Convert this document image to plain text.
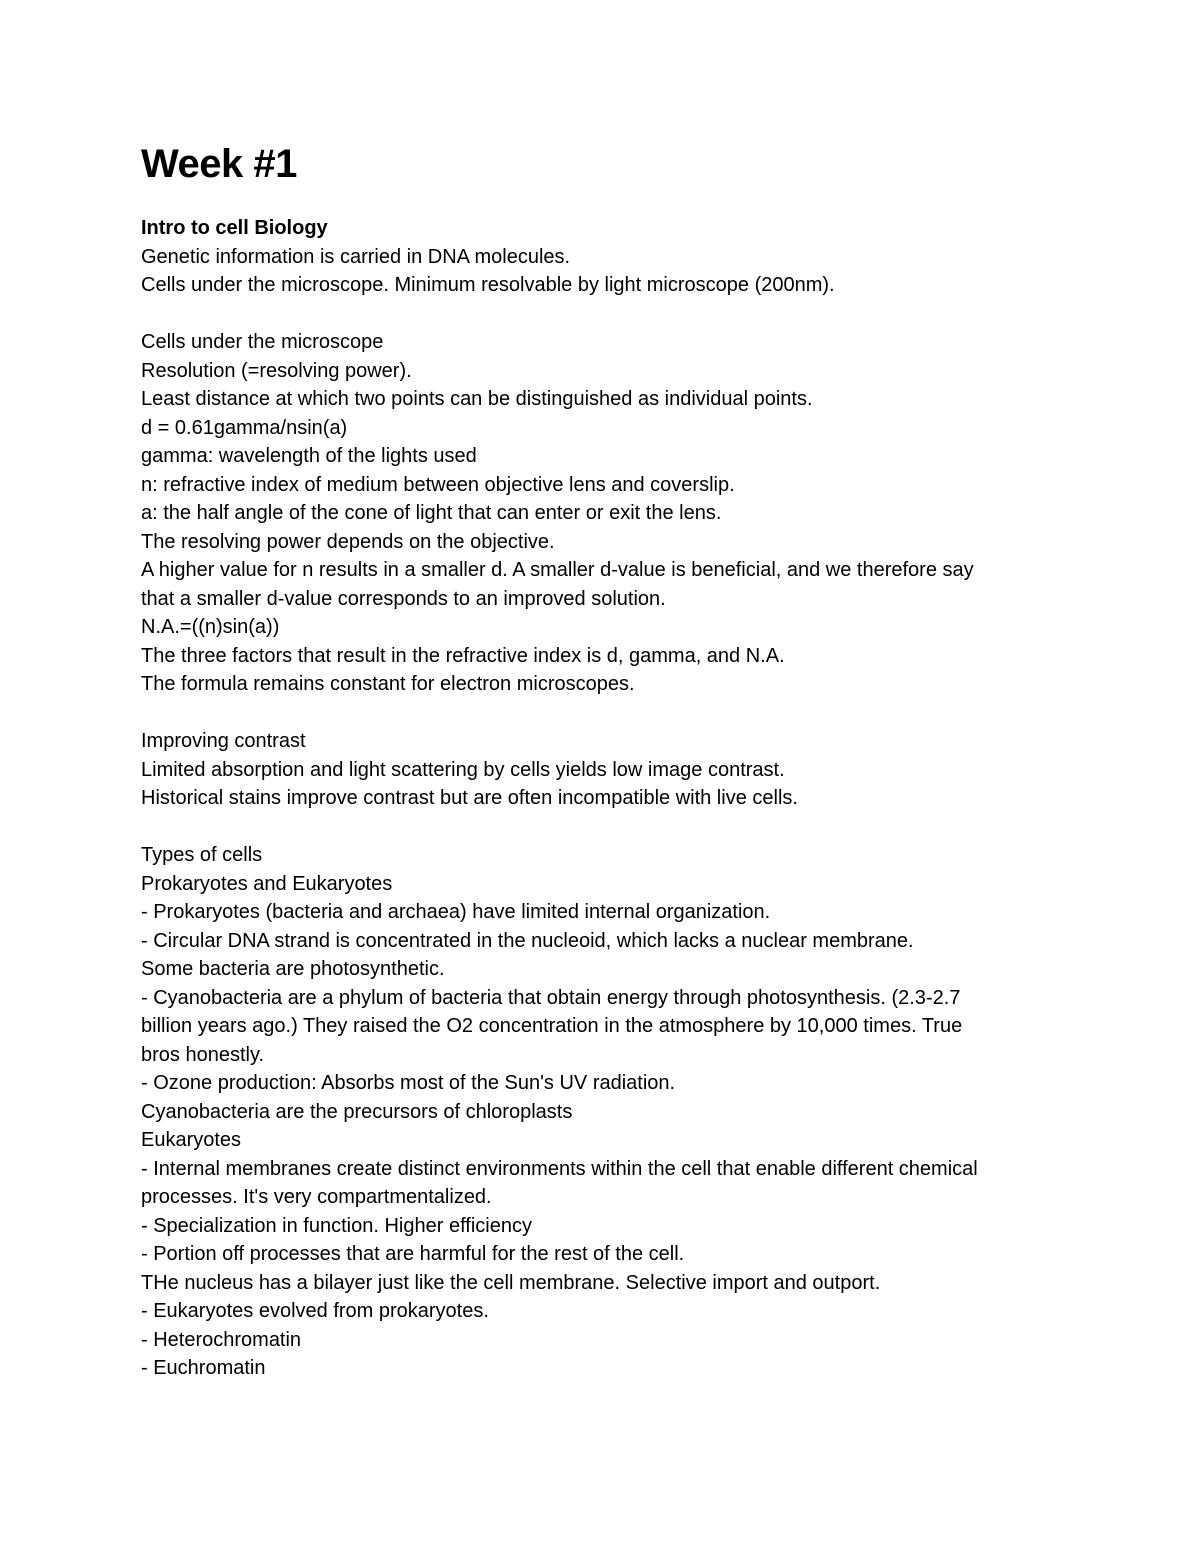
Week #1

Intro to cell Biology

Genetic information is carried in DNA molecules.

Cells under the microscope. Minimum resolvable by light microscope (200nm).

Cells under the microscope

Resolution (=resolving power).

Least distance at which two points can be distinguished as individual points.

d = 0.61gamma/nsin(a)

gamma: wavelength of the lights used

n: refractive index of medium between objective lens and coverslip.

a: the half angle of the cone of light that can enter or exit the lens.

The resolving power depends on the objective.

A higher value for n results in a smaller d. A smaller d-value is beneficial, and we therefore say

that a smaller d-value corresponds to an improved solution.

N.A.=((n)sin(a))

The three factors that result in the refractive index is d, gamma, and N.A.

The formula remains constant for electron microscopes.

Improving contrast

Limited absorption and light scattering by cells yields low image contrast.

Historical stains improve contrast but are often incompatible with live cells.

Types of cells

Prokaryotes and Eukaryotes

- Prokaryotes (bacteria and archaea) have limited internal organization.

- Circular DNA strand is concentrated in the nucleoid, which lacks a nuclear membrane.

Some bacteria are photosynthetic.

- Cyanobacteria are a phylum of bacteria that obtain energy through photosynthesis. (2.3-2.7

billion years ago.) They raised the O2 concentration in the atmosphere by 10,000 times. True

bros honestly.

- Ozone production: Absorbs most of the Sun's UV radiation.

Cyanobacteria are the precursors of chloroplasts

Eukaryotes

- Internal membranes create distinct environments within the cell that enable different chemical

processes. It's very compartmentalized.

- Specialization in function. Higher efficiency

- Portion off processes that are harmful for the rest of the cell.

THe nucleus has a bilayer just like the cell membrane. Selective import and outport.

- Eukaryotes evolved from prokaryotes.

- Heterochromatin

- Euchromatin
